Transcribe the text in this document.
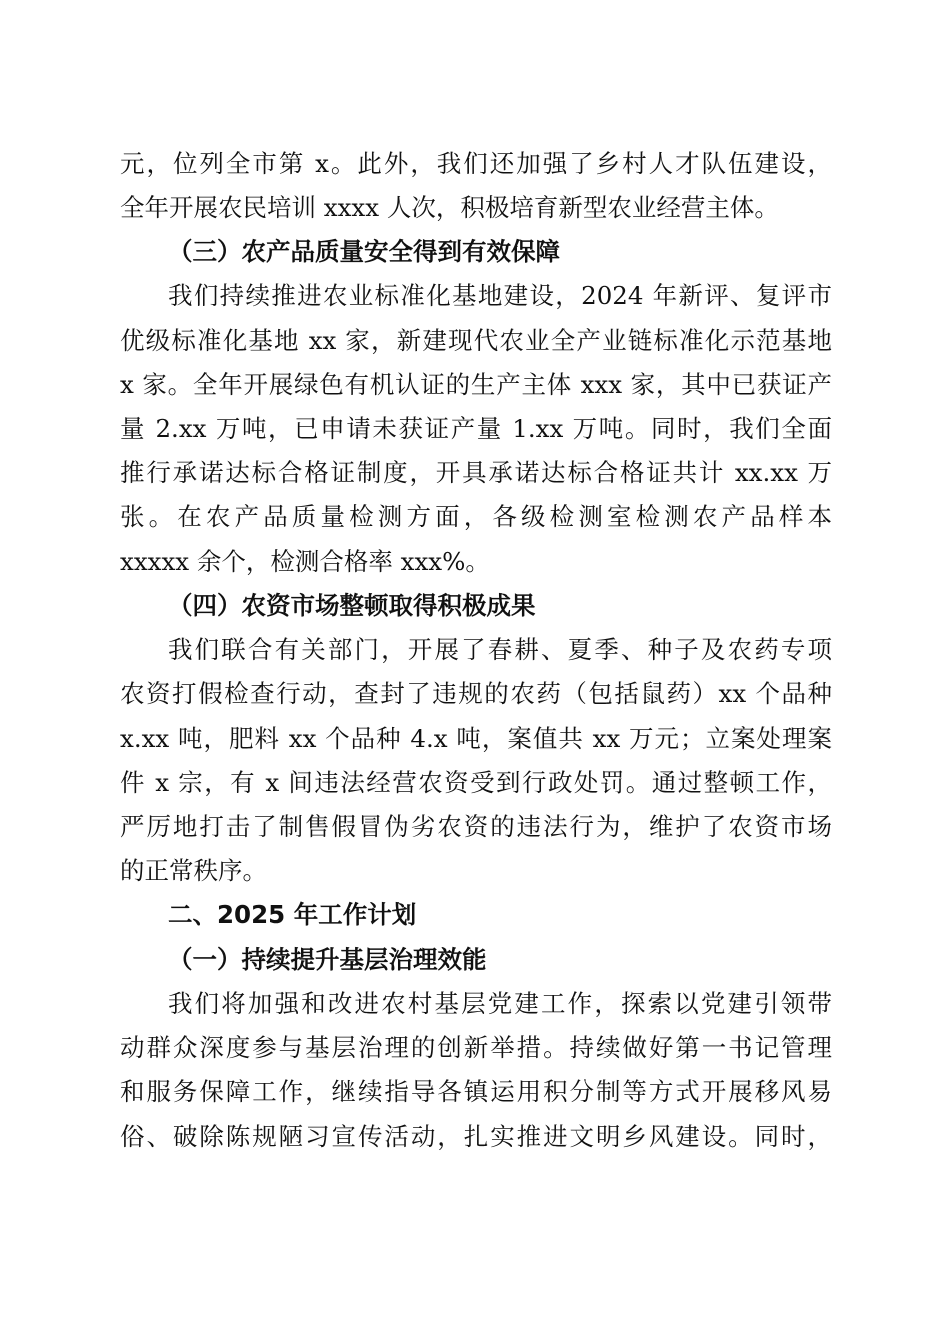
元，位列全市第 x。此外，我们还加强了乡村人才队伍建设，
全年开展农民培训 xxxx 人次，积极培育新型农业经营主体。
（三）农产品质量安全得到有效保障
我们持续推进农业标准化基地建设，2024 年新评、复评市
优级标准化基地 xx 家，新建现代农业全产业链标准化示范基地
x 家。全年开展绿色有机认证的生产主体 xxx 家，其中已获证产
量 2.xx 万吨，已申请未获证产量 1.xx 万吨。同时，我们全面
推行承诺达标合格证制度，开具承诺达标合格证共计 xx.xx 万
张。在农产品质量检测方面，各级检测室检测农产品样本
xxxxx 余个，检测合格率 xxx%。
（四）农资市场整顿取得积极成果
我们联合有关部门，开展了春耕、夏季、种子及农药专项
农资打假检查行动，查封了违规的农药（包括鼠药）xx 个品种
x.xx 吨，肥料 xx 个品种 4.x 吨，案值共 xx 万元；立案处理案
件 x 宗，有 x 间违法经营农资受到行政处罚。通过整顿工作，
严厉地打击了制售假冒伪劣农资的违法行为，维护了农资市场
的正常秩序。
二、2025 年工作计划
（一）持续提升基层治理效能
我们将加强和改进农村基层党建工作，探索以党建引领带
动群众深度参与基层治理的创新举措。持续做好第一书记管理
和服务保障工作，继续指导各镇运用积分制等方式开展移风易
俗、破除陈规陋习宣传活动，扎实推进文明乡风建设。同时，
